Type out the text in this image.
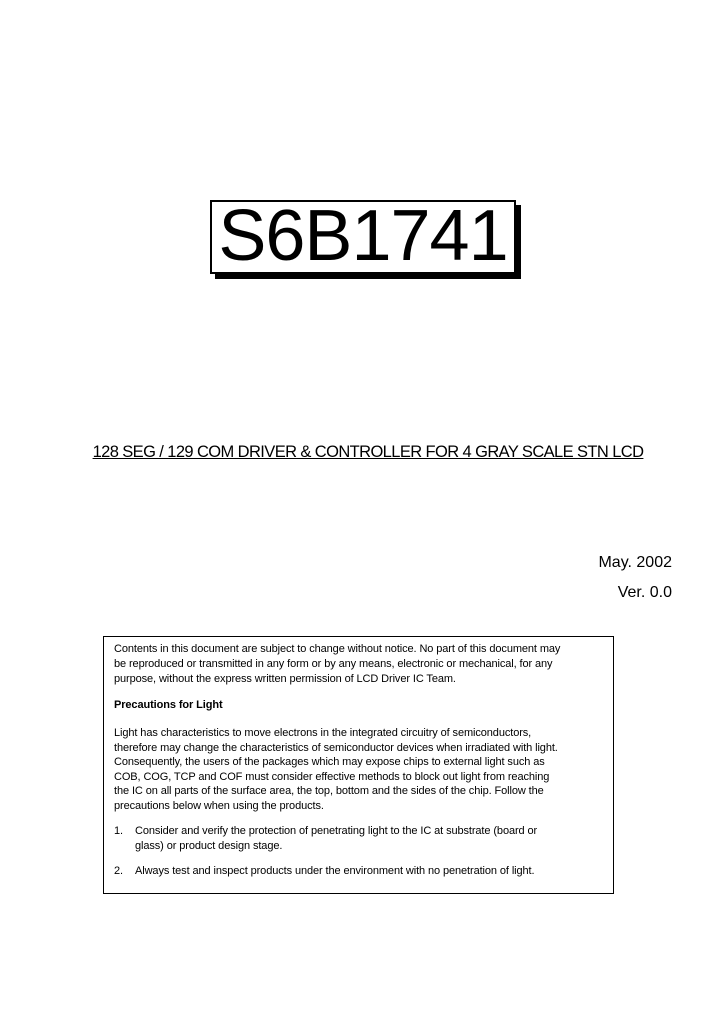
S6B1741
128 SEG / 129 COM DRIVER & CONTROLLER FOR 4 GRAY SCALE STN LCD
May. 2002
Ver. 0.0
Contents in this document are subject to change without notice. No part of this document may
be reproduced or transmitted in any form or by any means, electronic or mechanical, for any
purpose, without the express written permission of LCD Driver IC Team.
Precautions for Light
Light has characteristics to move electrons in the integrated circuitry of semiconductors,
therefore may change the characteristics of semiconductor devices when irradiated with light.
Consequently, the users of the packages which may expose chips to external light such as
COB, COG, TCP and COF must consider effective methods to block out light from reaching
the IC on all parts of the surface area, the top, bottom and the sides of the chip. Follow the
precautions below when using the products.
1. Consider and verify the protection of penetrating light to the IC at substrate (board or
glass) or product design stage.
2. Always test and inspect products under the environment with no penetration of light.
